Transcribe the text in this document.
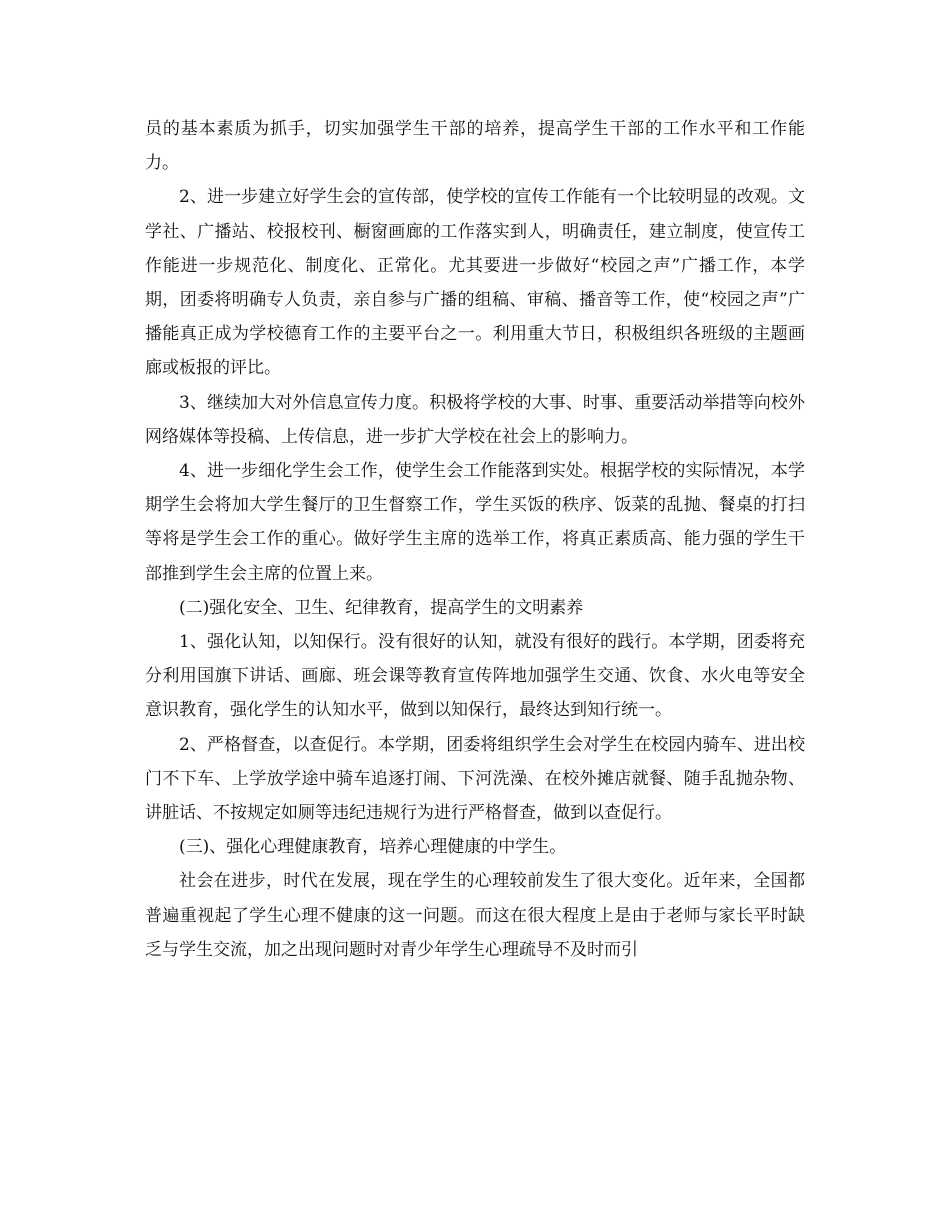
员的基本素质为抓手，切实加强学生干部的培养，提高学生干部的工作水平和工作能力。

2、进一步建立好学生会的宣传部，使学校的宣传工作能有一个比较明显的改观。文学社、广播站、校报校刊、橱窗画廊的工作落实到人，明确责任，建立制度，使宣传工作能进一步规范化、制度化、正常化。尤其要进一步做好“校园之声”广播工作，本学期，团委将明确专人负责，亲自参与广播的组稿、审稿、播音等工作，使“校园之声”广播能真正成为学校德育工作的主要平台之一。利用重大节日，积极组织各班级的主题画廊或板报的评比。

3、继续加大对外信息宣传力度。积极将学校的大事、时事、重要活动举措等向校外网络媒体等投稿、上传信息，进一步扩大学校在社会上的影响力。

4、进一步细化学生会工作，使学生会工作能落到实处。根据学校的实际情况，本学期学生会将加大学生餐厅的卫生督察工作，学生买饭的秩序、饭菜的乱抛、餐桌的打扫等将是学生会工作的重心。做好学生主席的选举工作，将真正素质高、能力强的学生干部推到学生会主席的位置上来。

(二)强化安全、卫生、纪律教育，提高学生的文明素养

1、强化认知，以知保行。没有很好的认知，就没有很好的践行。本学期，团委将充分利用国旗下讲话、画廊、班会课等教育宣传阵地加强学生交通、饮食、水火电等安全意识教育，强化学生的认知水平，做到以知保行，最终达到知行统一。

2、严格督查，以查促行。本学期，团委将组织学生会对学生在校园内骑车、进出校门不下车、上学放学途中骑车追逐打闹、下河洗澡、在校外摊店就餐、随手乱抛杂物、讲脏话、不按规定如厕等违纪违规行为进行严格督查，做到以查促行。

(三)、强化心理健康教育，培养心理健康的中学生。

社会在进步，时代在发展，现在学生的心理较前发生了很大变化。近年来，全国都普遍重视起了学生心理不健康的这一问题。而这在很大程度上是由于老师与家长平时缺乏与学生交流，加之出现问题时对青少年学生心理疏导不及时而引
